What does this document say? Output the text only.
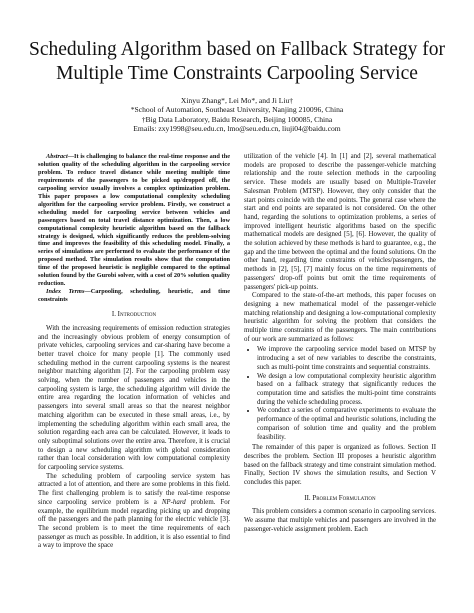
Scheduling Algorithm based on Fallback Strategy for
Multiple Time Constraints Carpooling Service
Xinyu Zhang*, Lei Mo*, and Ji Liu†
*School of Automation, Southeast University, Nanjing 210096, China
†Big Data Laboratory, Baidu Research, Beijing 100085, China
Emails: zxy1998@seu.edu.cn, lmo@seu.edu.cn, liuji04@baidu.com

Abstract—It is challenging to balance the real-time response and the solution quality of the scheduling algorithm in the carpooling service problem. To reduce travel distance while meeting multiple time requirements of the passengers to be picked up/dropped off, the carpooling service usually involves a complex optimization problem. This paper proposes a low computational complexity scheduling algorithm for the carpooling service problem. Firstly, we construct a scheduling model for carpooling service between vehicles and passengers based on total travel distance optimization. Then, a low computational complexity heuristic algorithm based on the fallback strategy is designed, which significantly reduces the problem-solving time and improves the feasibility of this scheduling model. Finally, a series of simulations are performed to evaluate the performance of the proposed method. The simulation results show that the computation time of the proposed heuristic is negligible compared to the optimal solution found by the Gurobi solver, with a cost of 20% solution quality reduction.

Index Terms—Carpooling, scheduling, heuristic, and time constraints

I. Introduction

With the increasing requirements of emission reduction strategies and the increasingly obvious problem of energy consumption of private vehicles, carpooling services and car-sharing have become a better travel choice for many people [1]. The commonly used scheduling method in the current carpooling systems is the nearest neighbor matching algorithm [2]. For the carpooling problem easy solving, when the number of passengers and vehicles in the carpooling system is large, the scheduling algorithm will divide the entire area regarding the location information of vehicles and passengers into several small areas so that the nearest neighbor matching algorithm can be executed in these small areas, i.e., by implementing the scheduling algorithm within each small area, the solution regarding each area can be calculated. However, it leads to only suboptimal solutions over the entire area. Therefore, it is crucial to design a new scheduling algorithm with global consideration rather than local consideration with low computational complexity for carpooling service systems.

The scheduling problem of carpooling service system has attracted a lot of attention, and there are some problems in this field. The first challenging problem is to satisfy the real-time response since carpooling service problem is a NP-hard problem. For example, the equilibrium model regarding picking up and dropping off the passengers and the path planning for the electric vehicle [3]. The second problem is to meet the time requirements of each passenger as much as possible. In addition, it is also essential to find a way to improve the space

utilization of the vehicle [4]. In [1] and [2], several mathematical models are proposed to describe the passenger-vehicle matching relationship and the route selection methods in the carpooling service. These models are usually based on Multiple-Traveler Salesman Problem (MTSP). However, they only consider that the start points coincide with the end points. The general case where the start and end points are separated is not considered. On the other hand, regarding the solutions to optimization problems, a series of improved intelligent heuristic algorithms based on the specific mathematical models are designed [5], [6]. However, the quality of the solution achieved by these methods is hard to guarantee, e.g., the gap and the time between the optimal and the found solutions. On the other hand, regarding time constraints of vehicles/passengers, the methods in [2], [5], [7] mainly focus on the time requirements of passengers' drop-off points but omit the time requirements of passengers' pick-up points.

Compared to the state-of-the-art methods, this paper focuses on designing a new mathematical model of the passenger-vehicle matching relationship and designing a low-computational complexity heuristic algorithm for solving the problem that considers the multiple time constraints of the passengers. The main contributions of our work are summarized as follows:

• We improve the carpooling service model based on MTSP by introducing a set of new variables to describe the constraints, such as multi-point time constraints and sequential constraints.
• We design a low computational complexity heuristic algorithm based on a fallback strategy that significantly reduces the computation time and satisfies the multi-point time constraints during the vehicle scheduling process.
• We conduct a series of comparative experiments to evaluate the performance of the optimal and heuristic solutions, including the comparison of solution time and quality and the problem feasibility.

The remainder of this paper is organized as follows. Section II describes the problem. Section III proposes a heuristic algorithm based on the fallback strategy and time constraint simulation method. Finally, Section IV shows the simulation results, and Section V concludes this paper.

II. Problem Formulation

This problem considers a common scenario in carpooling services. We assume that multiple vehicles and passengers are involved in the passenger-vehicle assignment problem. Each
